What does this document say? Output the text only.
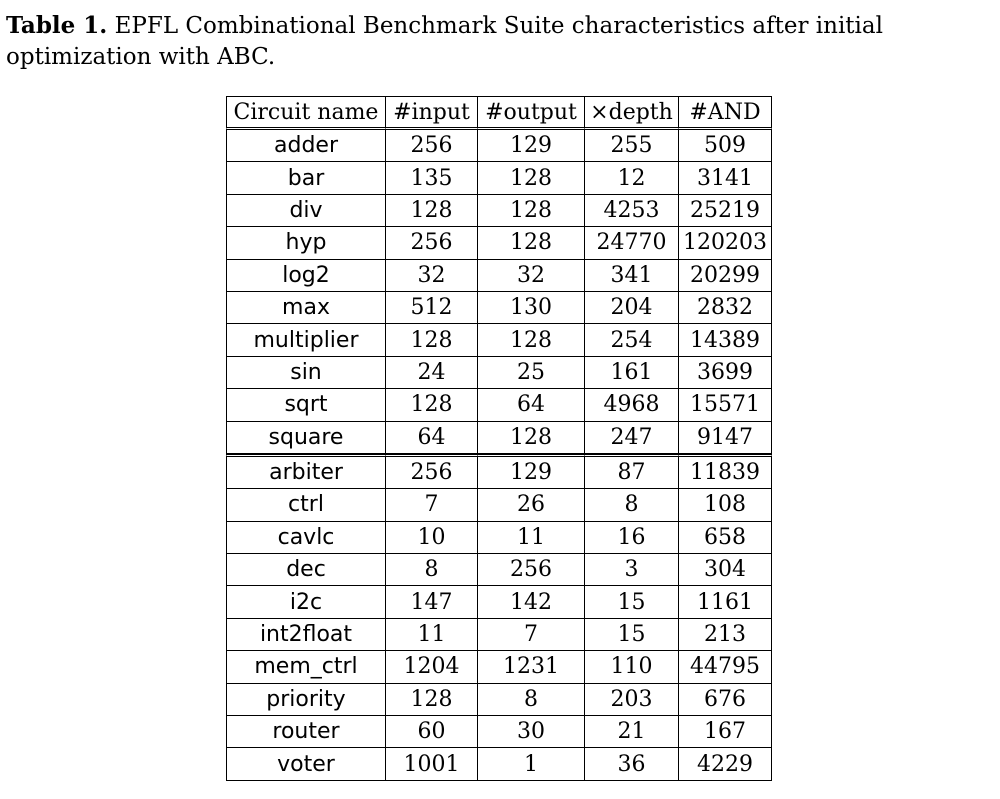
Table 1. EPFL Combinational Benchmark Suite characteristics after initial optimization with ABC.

Circuit name	#input	#output	×depth	#AND
adder	256	129	255	509
bar	135	128	12	3141
div	128	128	4253	25219
hyp	256	128	24770	120203
log2	32	32	341	20299
max	512	130	204	2832
multiplier	128	128	254	14389
sin	24	25	161	3699
sqrt	128	64	4968	15571
square	64	128	247	9147
arbiter	256	129	87	11839
ctrl	7	26	8	108
cavlc	10	11	16	658
dec	8	256	3	304
i2c	147	142	15	1161
int2float	11	7	15	213
mem_ctrl	1204	1231	110	44795
priority	128	8	203	676
router	60	30	21	167
voter	1001	1	36	4229
